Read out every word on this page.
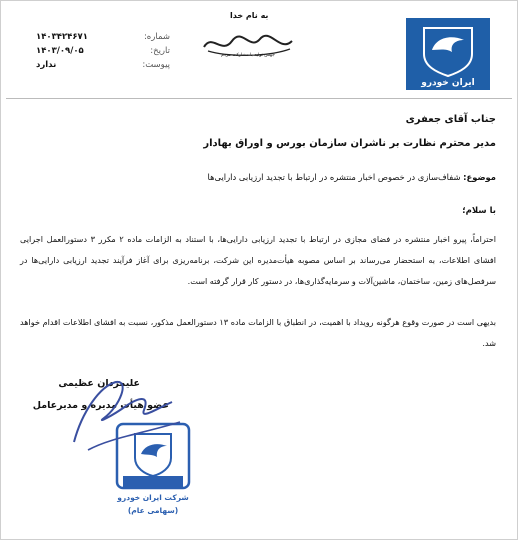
به نام خدا
جهش تولید با مشارکت مردم
ایران خودرو
شماره:
۱۴۰۳۴۲۴۶۷۱
تاریخ:
۱۴۰۳/۰۹/۰۵
پیوست:
ندارد
جناب آقای جعفری
مدیر محترم نظارت بر ناشران سازمان بورس و اوراق بهادار
موضوع: شفاف‌سازی در خصوص اخبار منتشره در ارتباط با تجدید ارزیابی دارایی‌ها
با سلام؛
احتراماً، پیرو اخبار منتشره در فضای مجازی در ارتباط با تجدید ارزیابی دارایی‌ها، با استناد به الزامات ماده ۲ مکرر ۳ دستورالعمل اجرایی افشای اطلاعات، به استحضار می‌رساند بر اساس مصوبه هیأت‌مدیره این شرکت، برنامه‌ریزی برای آغاز فرآیند تجدید ارزیابی دارایی‌ها در سرفصل‌های زمین، ساختمان، ماشین‌آلات و سرمایه‌گذاری‌ها، در دستور کار قرار گرفته است.
بدیهی است در صورت وقوع هرگونه رویداد با اهمیت، در انطباق با الزامات ماده ۱۳ دستورالعمل مذکور، نسبت به افشای اطلاعات اقدام خواهد شد.
علیمردان عظیمی
عضو هیأت مدیره و مدیرعامل
شرکت ایران خودرو
(سهامی عام)
